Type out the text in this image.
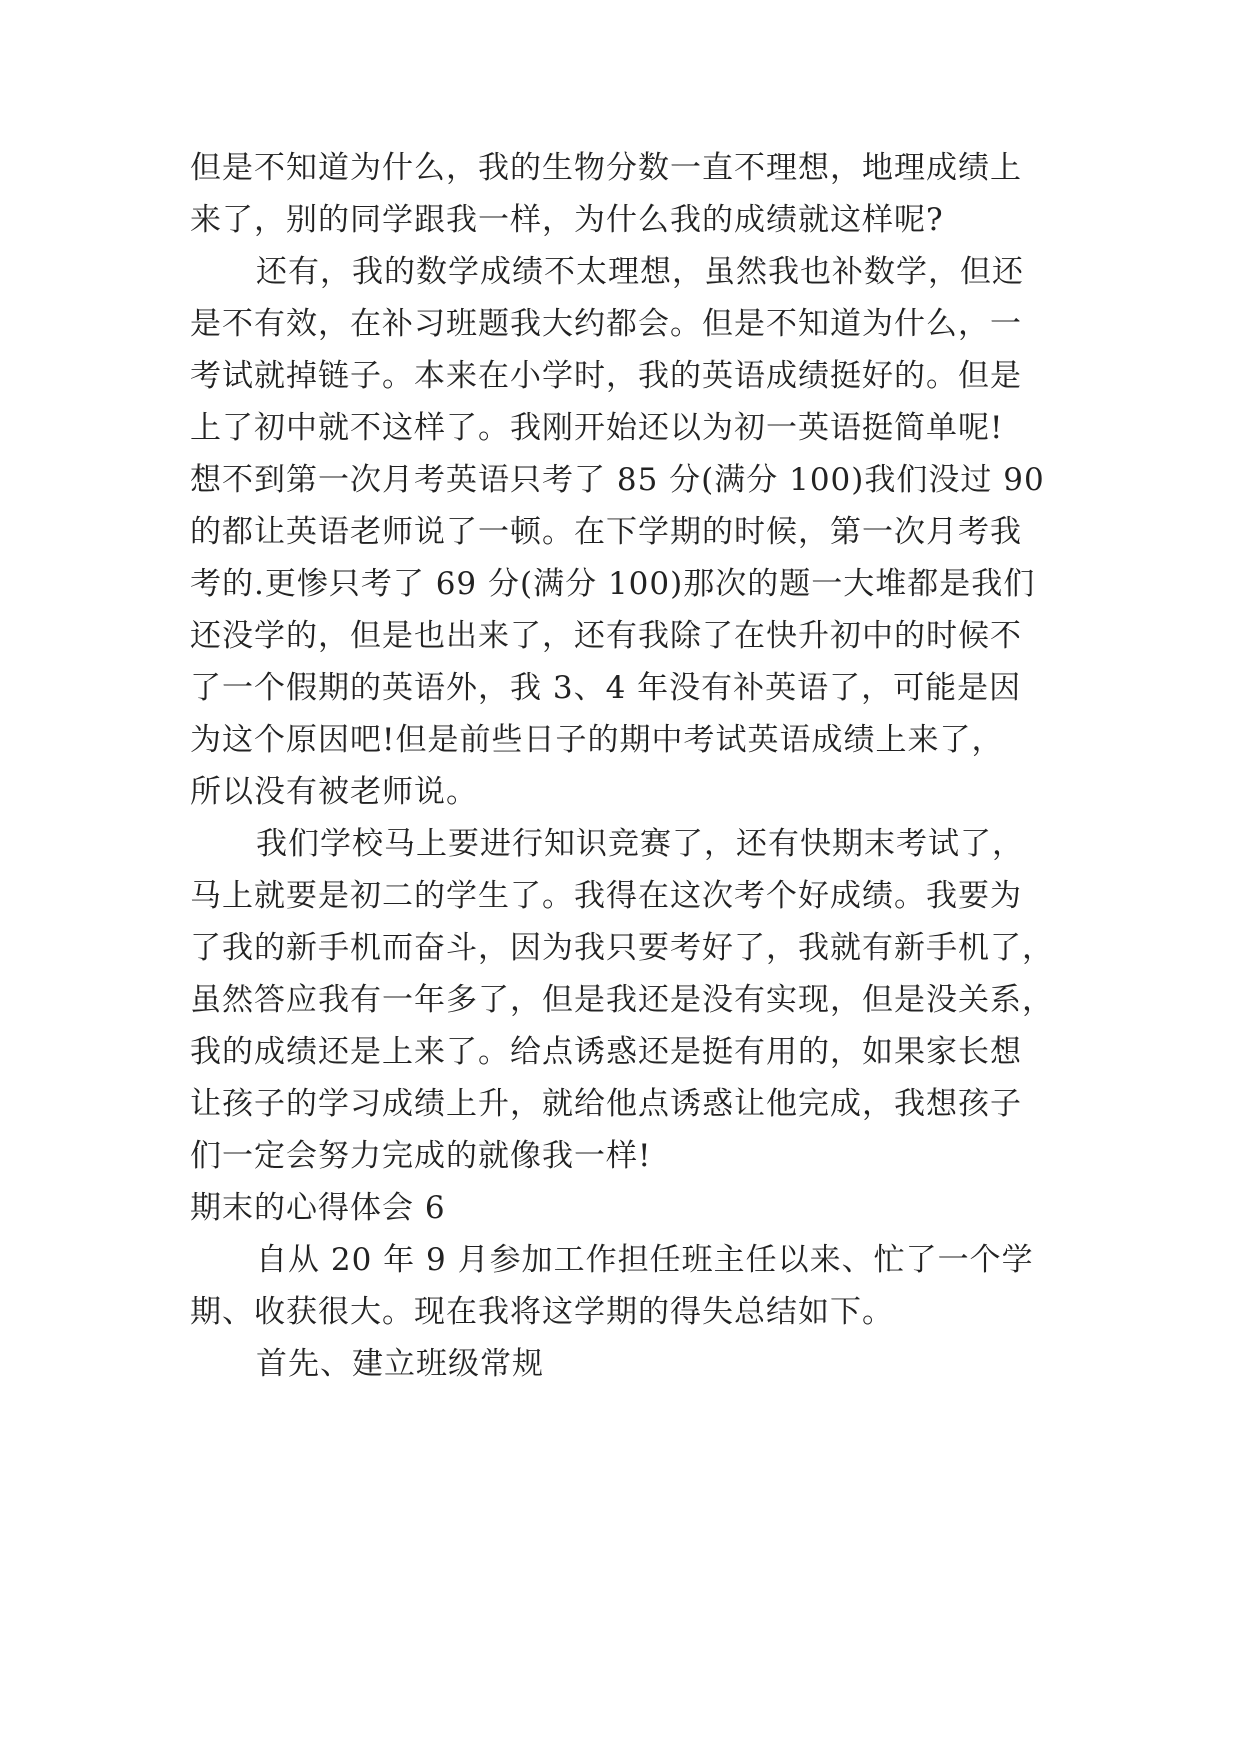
但是不知道为什么，我的生物分数一直不理想，地理成绩上
来了，别的同学跟我一样，为什么我的成绩就这样呢?
还有，我的数学成绩不太理想，虽然我也补数学，但还
是不有效，在补习班题我大约都会。但是不知道为什么，一
考试就掉链子。本来在小学时，我的英语成绩挺好的。但是
上了初中就不这样了。我刚开始还以为初一英语挺简单呢!
想不到第一次月考英语只考了 85 分(满分 100)我们没过 90
的都让英语老师说了一顿。在下学期的时候，第一次月考我
考的.更惨只考了 69 分(满分 100)那次的题一大堆都是我们
还没学的，但是也出来了，还有我除了在快升初中的时候不
了一个假期的英语外，我 3、4 年没有补英语了，可能是因
为这个原因吧!但是前些日子的期中考试英语成绩上来了，
所以没有被老师说。
我们学校马上要进行知识竞赛了，还有快期末考试了，
马上就要是初二的学生了。我得在这次考个好成绩。我要为
了我的新手机而奋斗，因为我只要考好了，我就有新手机了，
虽然答应我有一年多了，但是我还是没有实现，但是没关系，
我的成绩还是上来了。给点诱惑还是挺有用的，如果家长想
让孩子的学习成绩上升，就给他点诱惑让他完成，我想孩子
们一定会努力完成的就像我一样!
期末的心得体会 6
自从 20 年 9 月参加工作担任班主任以来、忙了一个学
期、收获很大。现在我将这学期的得失总结如下。
首先、建立班级常规
